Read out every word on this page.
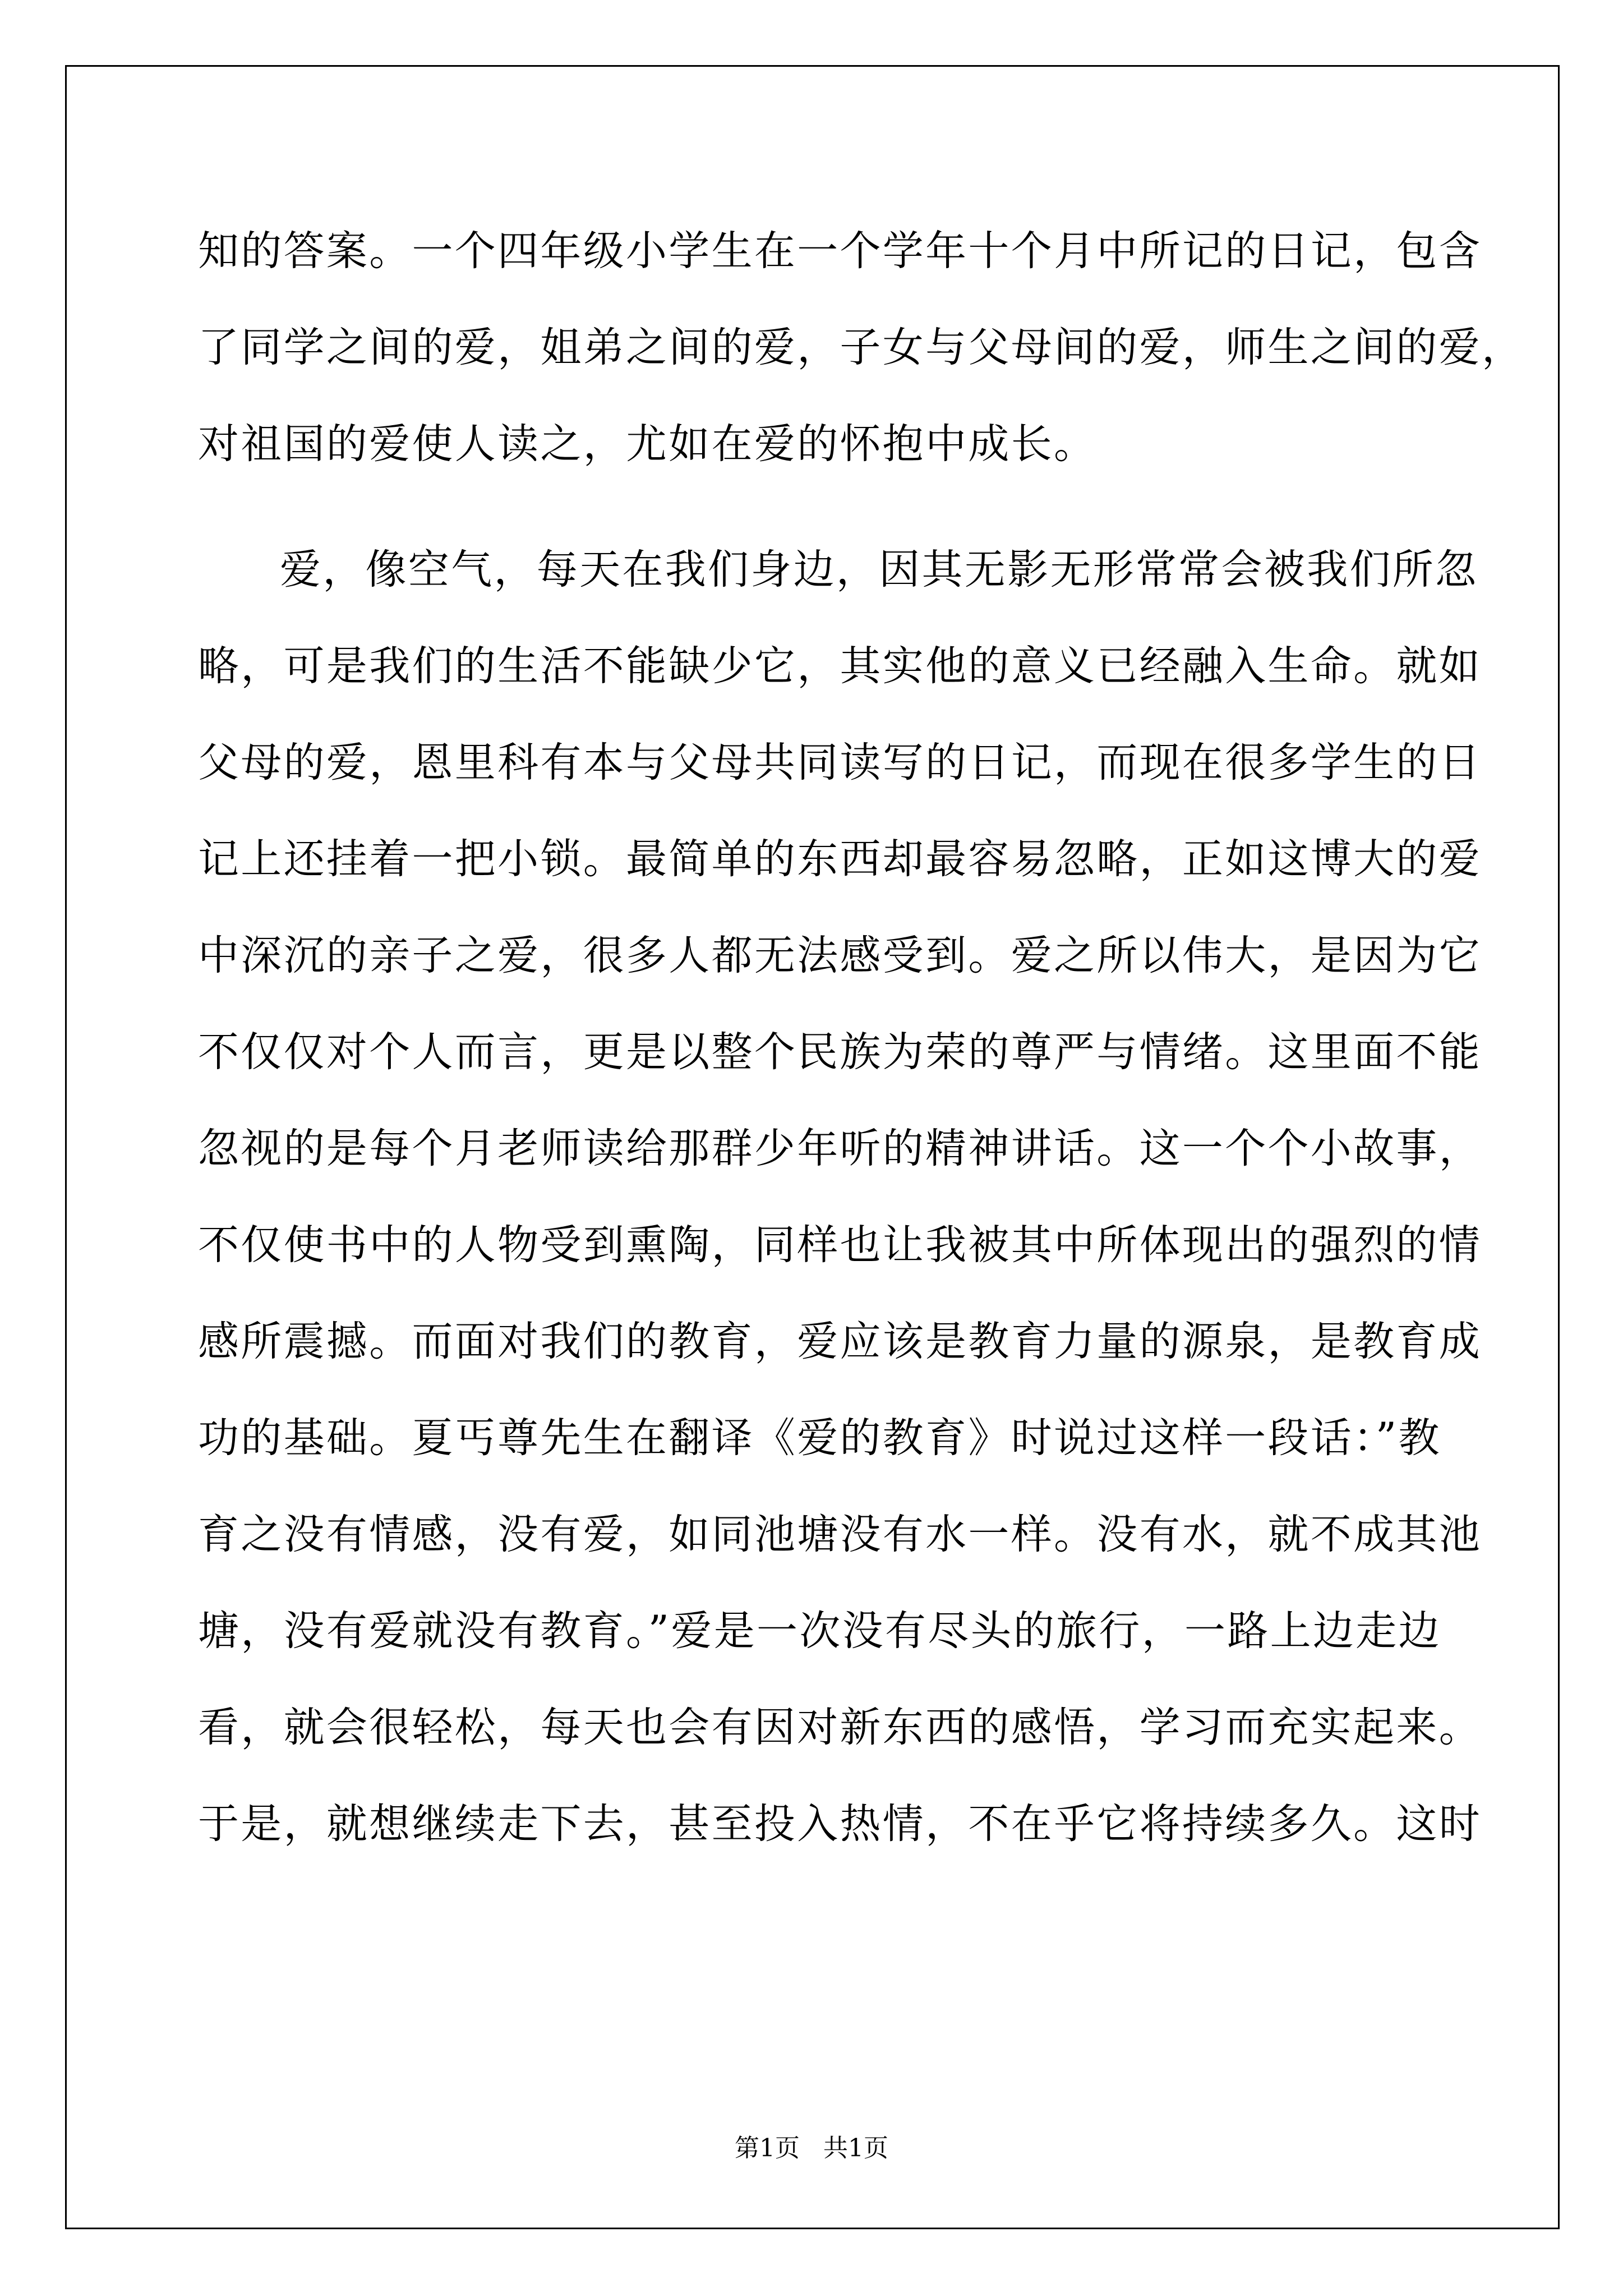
知的答案。一个四年级小学生在一个学年十个月中所记的日记，包含
了同学之间的爱，姐弟之间的爱，子女与父母间的爱，师生之间的爱，
对祖国的爱使人读之，尤如在爱的怀抱中成长。
爱，像空气，每天在我们身边，因其无影无形常常会被我们所忽
略，可是我们的生活不能缺少它，其实他的意义已经融入生命。就如
父母的爱，恩里科有本与父母共同读写的日记，而现在很多学生的日
记上还挂着一把小锁。最简单的东西却最容易忽略，正如这博大的爱
中深沉的亲子之爱，很多人都无法感受到。爱之所以伟大，是因为它
不仅仅对个人而言，更是以整个民族为荣的尊严与情绪。这里面不能
忽视的是每个月老师读给那群少年听的精神讲话。这一个个小故事，
不仅使书中的人物受到熏陶，同样也让我被其中所体现出的强烈的情
感所震撼。而面对我们的教育，爱应该是教育力量的源泉，是教育成
功的基础。夏丐尊先生在翻译《爱的教育》时说过这样一段话：”教
育之没有情感，没有爱，如同池塘没有水一样。没有水，就不成其池
塘，没有爱就没有教育。”爱是一次没有尽头的旅行，一路上边走边
看，就会很轻松，每天也会有因对新东西的感悟，学习而充实起来。
于是，就想继续走下去，甚至投入热情，不在乎它将持续多久。这时
第1页   共1页
